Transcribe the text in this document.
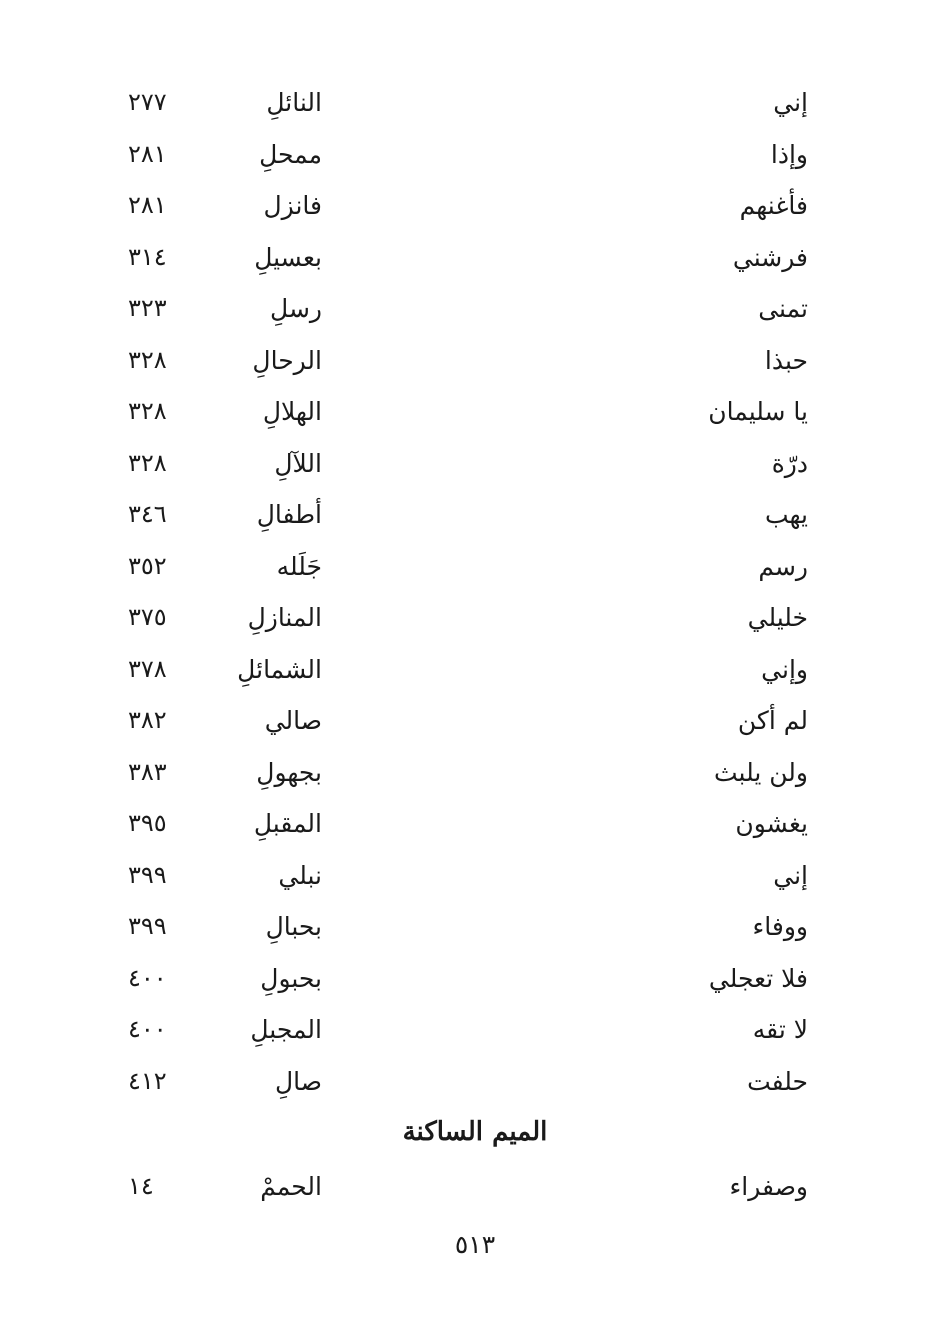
إني
النائلِ
٢٧٧
وإذا
ممحلِ
٢٨١
فأغنهم
فانزل
٢٨١
فرشني
بعسيلِ
٣١٤
تمنى
رسلِ
٣٢٣
حبذا
الرحالِ
٣٢٨
يا سليمان
الهلالِ
٣٢٨
درّة
اللآلِ
٣٢٨
يهب
أطفالِ
٣٤٦
رسم
جَلَله
٣٥٢
خليلي
المنازلِ
٣٧٥
وإني
الشمائلِ
٣٧٨
لم أكن
صالي
٣٨٢
ولن يلبث
بجهولِ
٣٨٣
يغشون
المقبلِ
٣٩٥
إني
نبلي
٣٩٩
ووفاء
بحبالِ
٣٩٩
فلا تعجلي
بحبولِ
٤٠٠
لا تقه
المجبلِ
٤٠٠
حلفت
صالِ
٤١٢
الميم الساكنة
وصفراء
الحممْ
١٤
٥١٣
